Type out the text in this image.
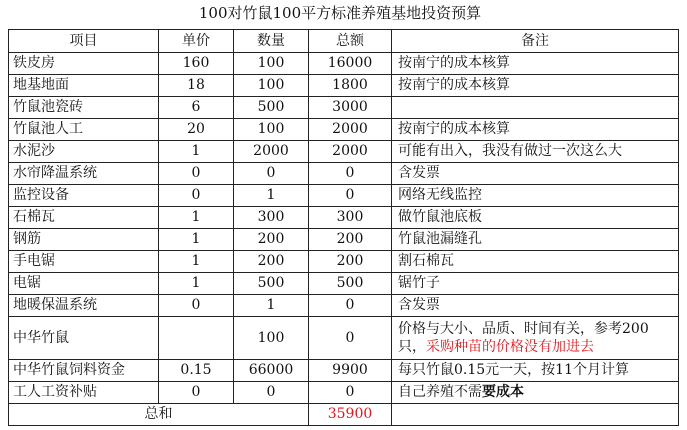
100对竹鼠100平方标准养殖基地投资预算
项目	单价	数量	总额	备注
铁皮房	160	100	16000	按南宁的成本核算
地基地面	18	100	1800	按南宁的成本核算
竹鼠池瓷砖	6	500	3000	
竹鼠池人工	20	100	2000	按南宁的成本核算
水泥沙	1	2000	2000	可能有出入，我没有做过一次这么大
水帘降温系统	0	0	0	含发票
监控设备	0	1	0	网络无线监控
石棉瓦	1	300	300	做竹鼠池底板
钢筋	1	200	200	竹鼠池漏缝孔
手电锯	1	200	200	割石棉瓦
电锯	1	500	500	锯竹子
地暖保温系统	0	1	0	含发票
中华竹鼠		100	0	价格与大小、品质、时间有关，参考200只，采购种苗的价格没有加进去
中华竹鼠饲料资金	0.15	66000	9900	每只竹鼠0.15元一天，按11个月计算
工人工资补贴	0	0	0	自己养殖不需要成本
总和			35900	
